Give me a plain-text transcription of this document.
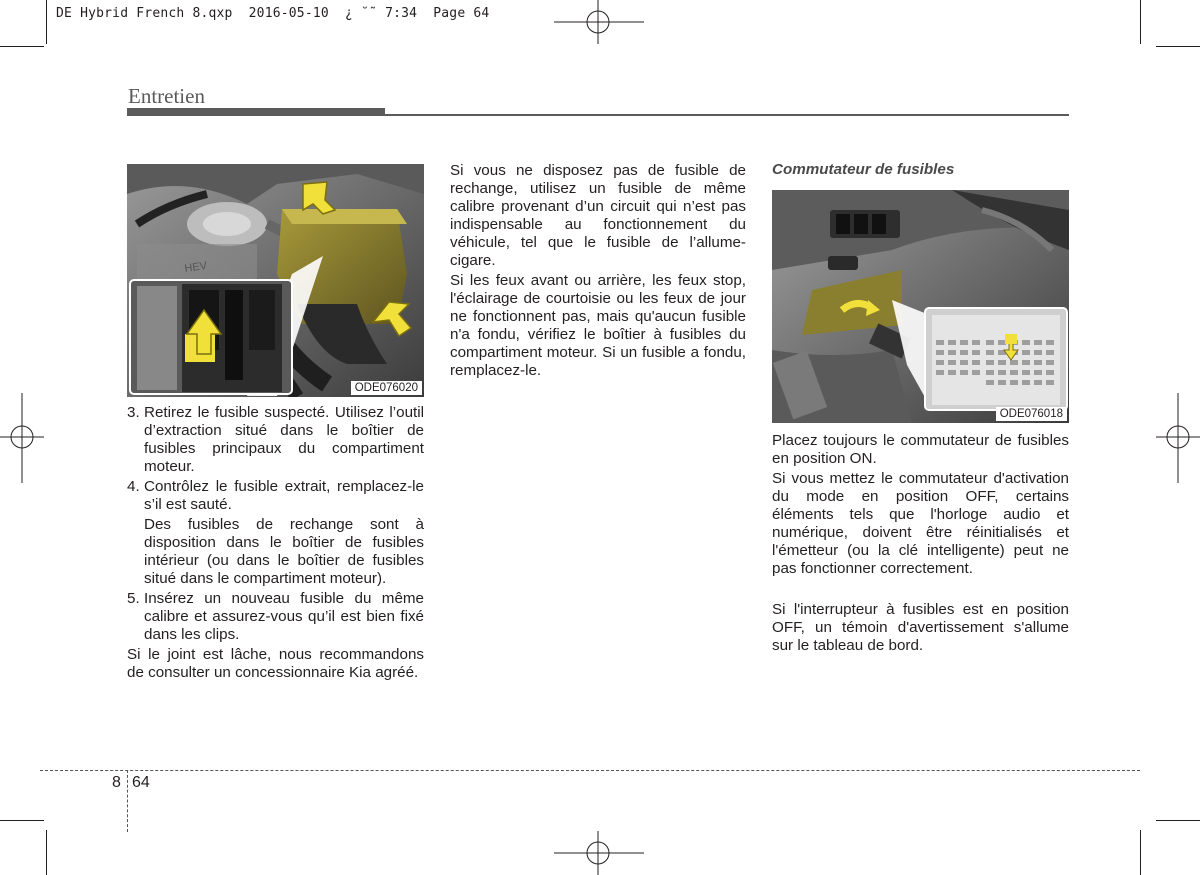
DE Hybrid French 8.qxp  2016-05-10  ¿ ˘˜ 7:34  Page 64
Entretien
HEV
ODE076020
3. Retirez le fusible suspecté. Utilisez l’outil d’extraction situé dans le boîtier de fusibles principaux du compartiment moteur.
4. Contrôlez le fusible extrait, remplacez-le s’il est sauté.

Des fusibles de rechange sont à disposition dans le boîtier de fusibles intérieur (ou dans le boîtier de fusibles situé dans le compartiment moteur).

5. Insérez un nouveau fusible du même calibre et assurez-vous qu’il est bien fixé dans les clips.

Si le joint est lâche, nous recommandons de consulter un concessionnaire Kia agréé.

Si vous ne disposez pas de fusible de rechange, utilisez un fusible de même calibre provenant d’un circuit qui n’est pas indispensable au fonctionnement du véhicule, tel que le fusible de l’allume-cigare.

Si les feux avant ou arrière, les feux stop, l'éclairage de courtoisie ou les feux de jour ne fonctionnent pas, mais qu'aucun fusible n'a fondu, vérifiez le boîtier à fusibles du compartiment moteur. Si un fusible a fondu, remplacez-le.

Commutateur de fusibles
ODE076018

Placez toujours le commutateur de fusibles en position ON.

Si vous mettez le commutateur d'activation du mode en position OFF, certains éléments tels que l'horloge audio et numérique, doivent être réinitialisés et l'émetteur (ou la clé intelligente) peut ne pas fonctionner correctement.

Si l'interrupteur à fusibles est en position OFF, un témoin d'avertissement s'allume sur le tableau de bord.

8 64
